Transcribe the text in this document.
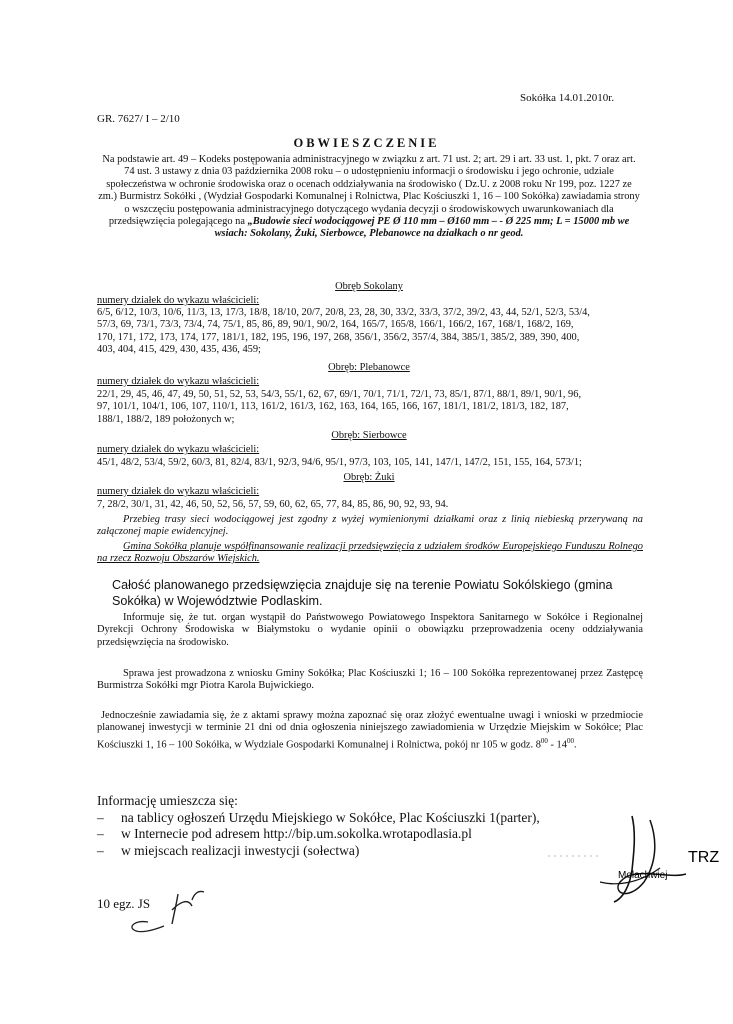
Sokółka 14.01.2010r.
GR. 7627/ I – 2/10
OBWIESZCZENIE
Na podstawie art. 49 – Kodeks postępowania administracyjnego w związku z art. 71 ust. 2; art. 29 i art. 33 ust. 1, pkt. 7 oraz art. 74 ust. 3 ustawy z dnia 03 października 2008 roku – o udostępnieniu informacji o środowisku i jego ochronie, udziale społeczeństwa w ochronie środowiska oraz o ocenach oddziaływania na środowisko ( Dz.U. z 2008 roku Nr 199, poz. 1227 ze zm.) Burmistrz Sokółki , (Wydział Gospodarki Komunalnej i Rolnictwa, Plac Kościuszki 1, 16 – 100 Sokółka) zawiadamia strony o wszczęciu postępowania administracyjnego dotyczącego wydania decyzji o środowiskowych uwarunkowaniach dla przedsięwzięcia polegającego na „Budowie sieci wodociągowej PE Ø 110 mm – Ø160 mm – - Ø 225 mm; L = 15000 mb we wsiach: Sokolany, Żuki, Sierbowce, Plebanowce na działkach o nr geod.
Obręb Sokolany
numery działek do wykazu właścicieli:
6/5, 6/12, 10/3, 10/6, 11/3, 13, 17/3, 18/8, 18/10, 20/7, 20/8, 23, 28, 30, 33/2, 33/3, 37/2, 39/2, 43, 44, 52/1, 52/3, 53/4,
57/3, 69, 73/1, 73/3, 73/4, 74, 75/1, 85, 86, 89, 90/1, 90/2, 164, 165/7, 165/8, 166/1, 166/2, 167, 168/1, 168/2, 169,
170, 171, 172, 173, 174, 177, 181/1, 182, 195, 196, 197, 268, 356/1, 356/2, 357/4, 384, 385/1, 385/2, 389, 390, 400,
403, 404, 415, 429, 430, 435, 436, 459;
Obręb: Plebanowce
numery działek do wykazu właścicieli:
22/1, 29, 45, 46, 47, 49, 50, 51, 52, 53, 54/3, 55/1, 62, 67, 69/1, 70/1, 71/1, 72/1, 73, 85/1, 87/1, 88/1, 89/1, 90/1, 96,
97, 101/1, 104/1, 106, 107, 110/1, 113, 161/2, 161/3, 162, 163, 164, 165, 166, 167, 181/1, 181/2, 181/3, 182, 187,
188/1, 188/2, 189 położonych w;
Obręb: Sierbowce
numery działek do wykazu właścicieli:
45/1, 48/2, 53/4, 59/2, 60/3, 81, 82/4, 83/1, 92/3, 94/6, 95/1, 97/3, 103, 105, 141, 147/1, 147/2, 151, 155, 164, 573/1;
Obręb: Żuki
numery działek do wykazu właścicieli:
7, 28/2, 30/1, 31, 42, 46, 50, 52, 56, 57, 59, 60, 62, 65, 77, 84, 85, 86, 90, 92, 93, 94.
Przebieg trasy sieci wodociągowej jest zgodny z wyżej wymienionymi działkami oraz z linią niebieską przerywaną na załączonej mapie ewidencyjnej.
Gmina Sokółka planuje współfinansowanie realizacji przedsięwzięcia z udziałem środków Europejskiego Funduszu Rolnego na rzecz Rozwoju Obszarów Wiejskich.
Całość planowanego przedsięwzięcia znajduje się na terenie Powiatu Sokólskiego (gmina Sokółka) w Województwie Podlaskim.
Informuje się, że tut. organ wystąpił do Państwowego Powiatowego Inspektora Sanitarnego w Sokółce i Regionalnej Dyrekcji Ochrony Środowiska w Białymstoku o wydanie opinii o obowiązku przeprowadzenia oceny oddziaływania przedsięwzięcia na środowisko.
Sprawa jest prowadzona z wniosku Gminy Sokółka; Plac Kościuszki 1; 16 – 100 Sokółka reprezentowanej przez Zastępcę Burmistrza Sokółki mgr Piotra Karola Bujwickiego.
Jednocześnie zawiadamia się, że z aktami sprawy można zapoznać się oraz złożyć ewentualne uwagi i wnioski w przedmiocie planowanej inwestycji w terminie 21 dni od dnia ogłoszenia niniejszego zawiadomienia w Urzędzie Miejskim w Sokółce; Plac Kościuszki 1, 16 – 100 Sokółka, w Wydziale Gospodarki Komunalnej i Rolnictwa, pokój nr 105 w godz. $8^{00} - 14^{00}$.
Informację umieszcza się:
– na tablicy ogłoszeń Urzędu Miejskiego w Sokółce, Plac Kościuszki 1(parter),
– w Internecie pod adresem http://bip.um.sokolka.wrotapodlasia.pl
– w miejscach realizacji inwestycji (sołectwa)
10 egz. JS
TRZ
Mołachwiej
